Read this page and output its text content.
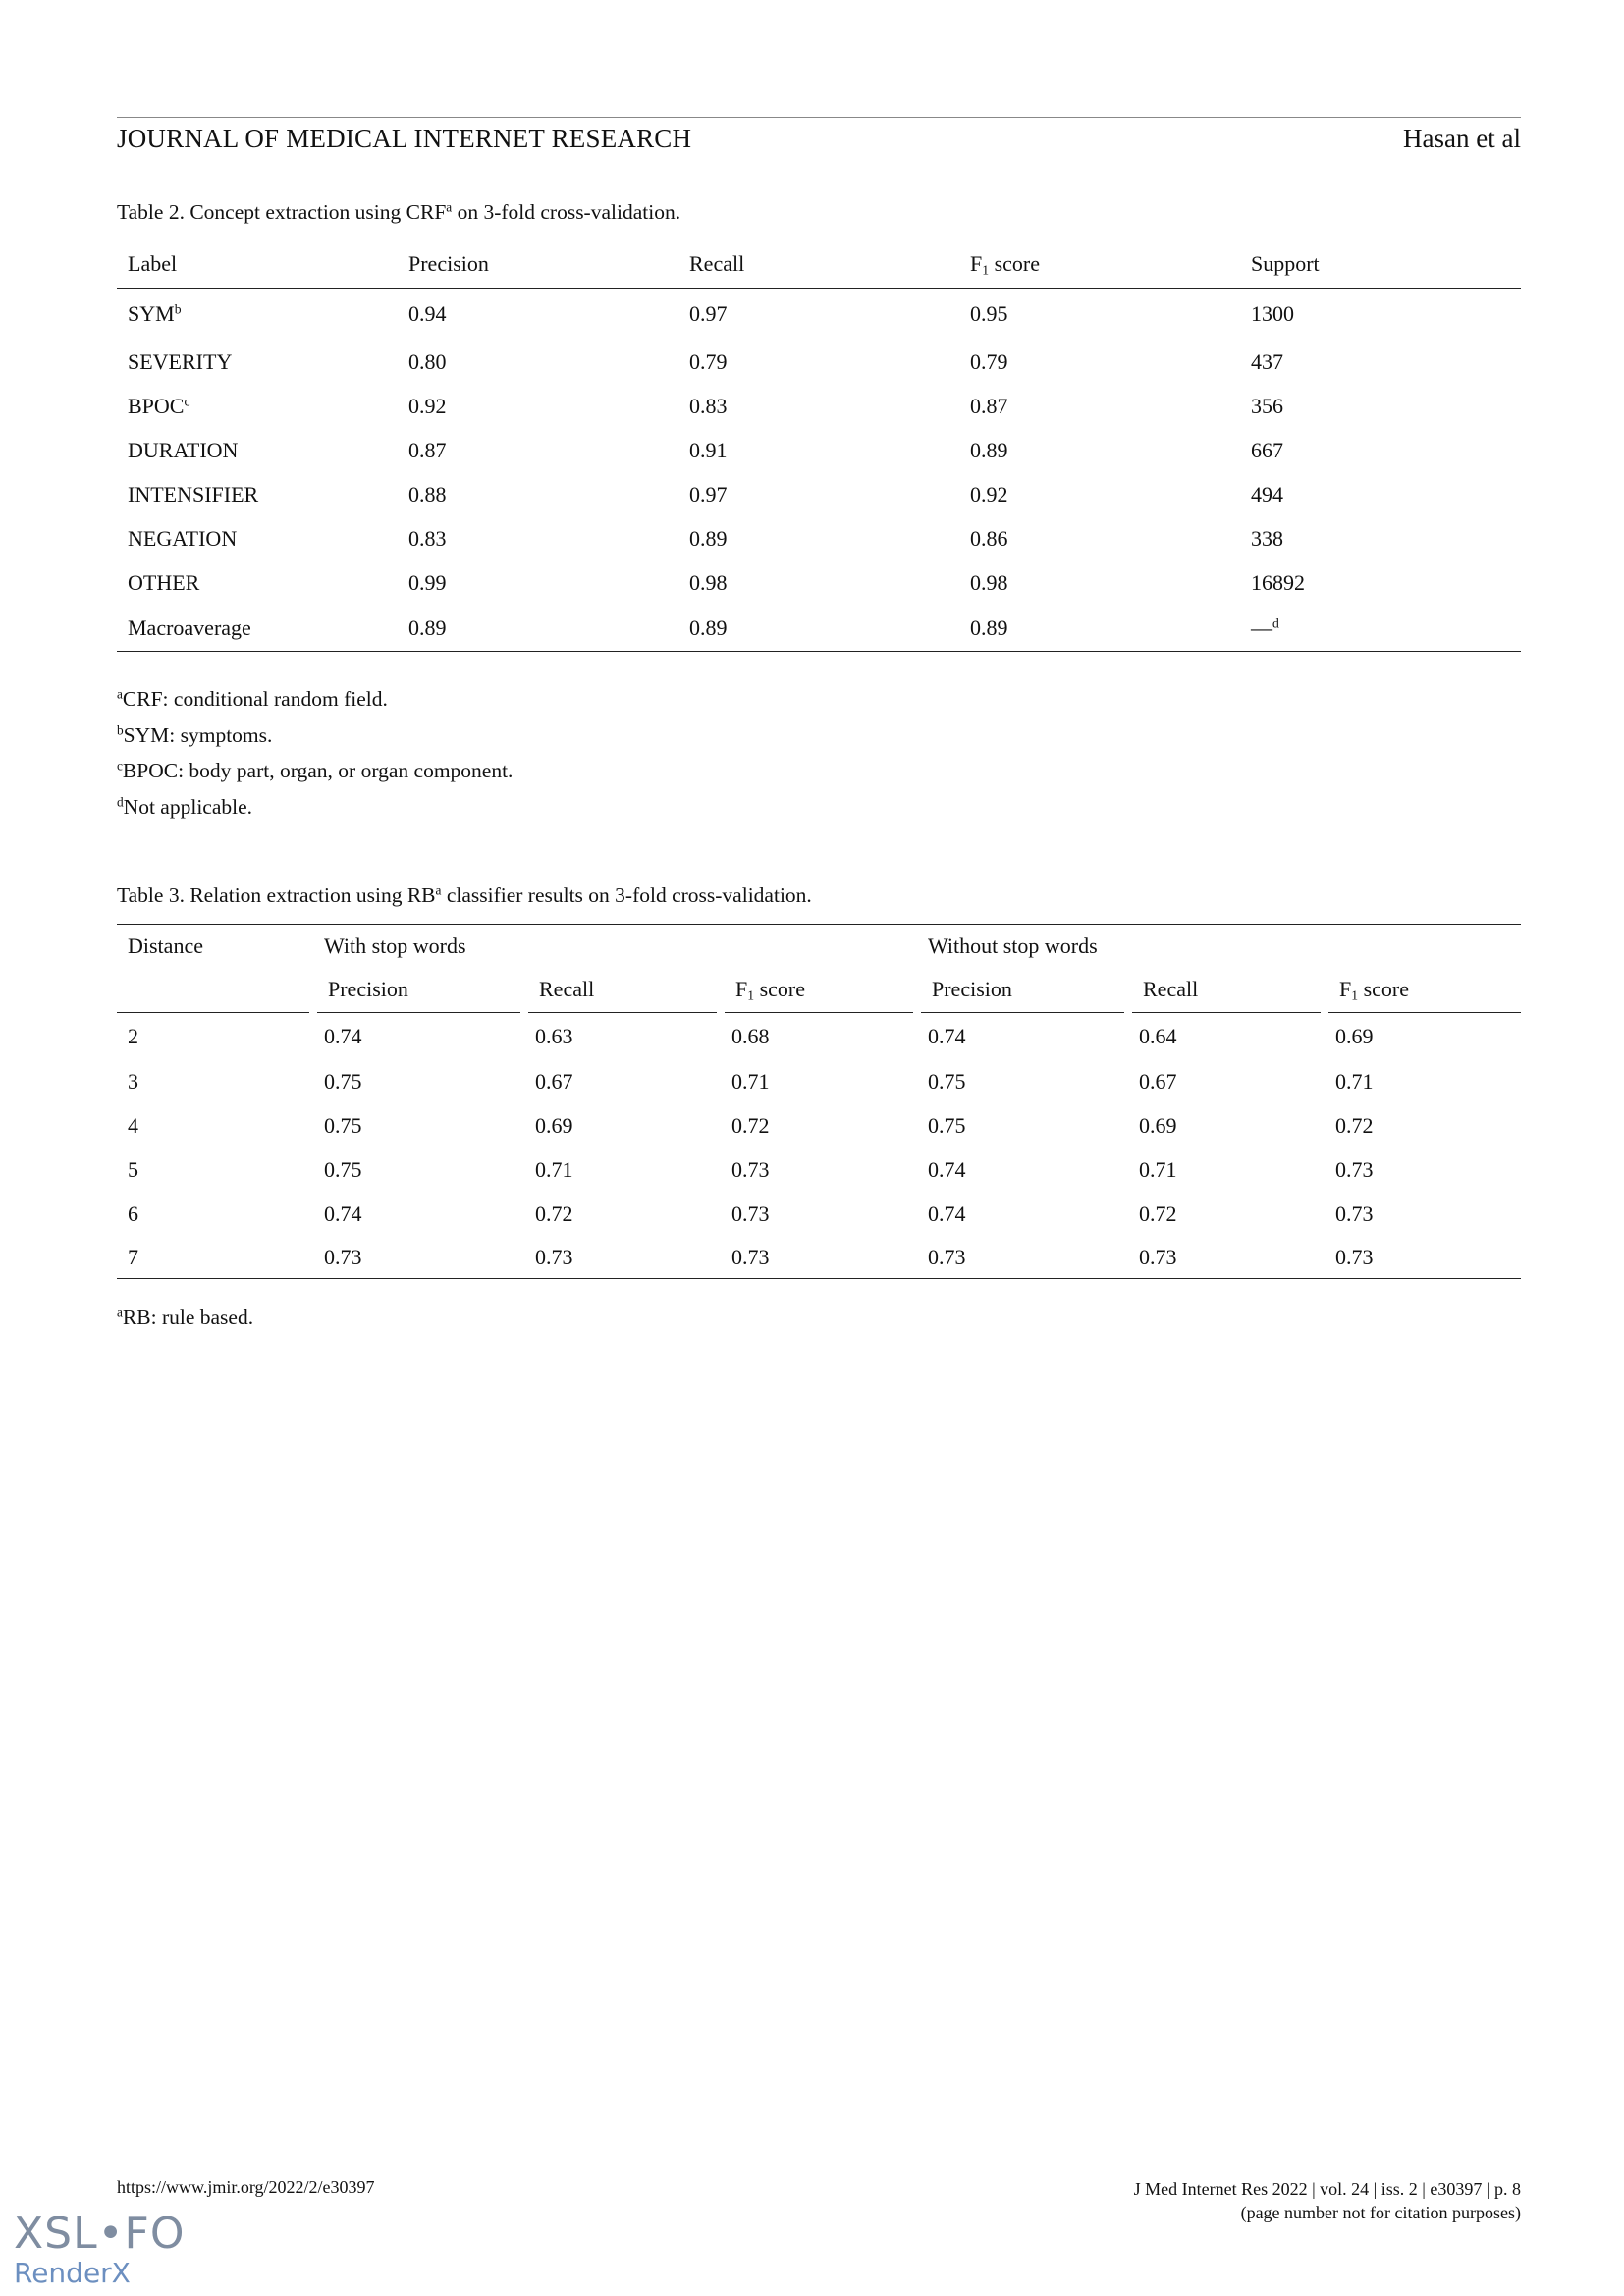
JOURNAL OF MEDICAL INTERNET RESEARCH	Hasan et al
Table 2. Concept extraction using CRF$^a$ on 3-fold cross-validation.
Label	Precision	Recall	$F_1$ score	Support
SYM$^b$	0.94	0.97	0.95	1300
SEVERITY	0.80	0.79	0.79	437
BPOC$^c$	0.92	0.83	0.87	356
DURATION	0.87	0.91	0.89	667
INTENSIFIER	0.88	0.97	0.92	494
NEGATION	0.83	0.89	0.86	338
OTHER	0.99	0.98	0.98	16892
Macroaverage	0.89	0.89	0.89	—$^d$
$^a$CRF: conditional random field.
$^b$SYM: symptoms.
$^c$BPOC: body part, organ, or organ component.
$^d$Not applicable.
Table 3. Relation extraction using RB$^a$ classifier results on 3-fold cross-validation.
Distance	With stop words			Without stop words		
	Precision	Recall	$F_1$ score	Precision	Recall	$F_1$ score
2	0.74	0.63	0.68	0.74	0.64	0.69
3	0.75	0.67	0.71	0.75	0.67	0.71
4	0.75	0.69	0.72	0.75	0.69	0.72
5	0.75	0.71	0.73	0.74	0.71	0.73
6	0.74	0.72	0.73	0.74	0.72	0.73
7	0.73	0.73	0.73	0.73	0.73	0.73
$^a$RB: rule based.
https://www.jmir.org/2022/2/e30397	J Med Internet Res 2022 | vol. 24 | iss. 2 | e30397 | p. 8
(page number not for citation purposes)
XSL•FO
RenderX
